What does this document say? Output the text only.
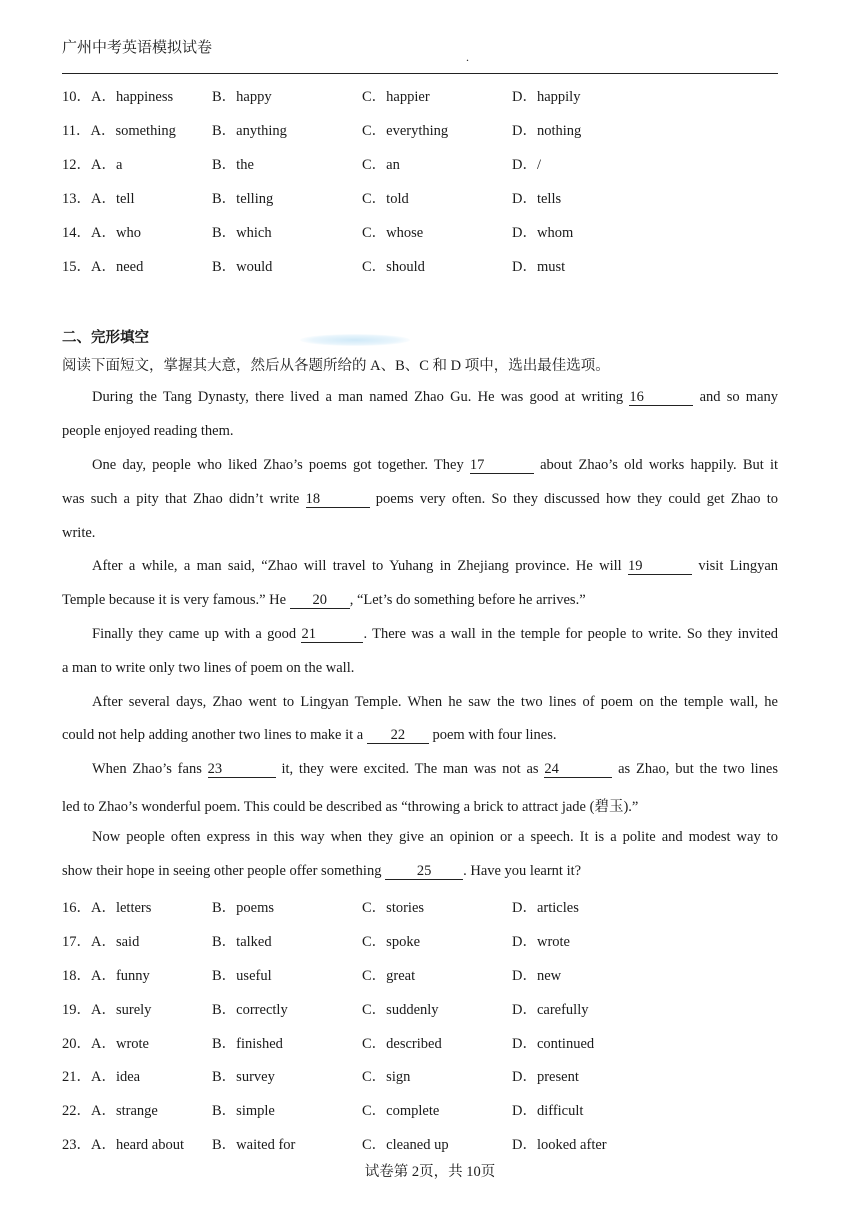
广州中考英语模拟试卷
.
10．A．happiness	B．happy	C．happier	D．happily
11．A．something B．anything	C．everything	D．nothing
12．A．a	B．the	C．an	D．/
13．A．tell	B．telling	C．told	D．tells
14．A．who	B．which	C．whose	D．whom
15．A．need	B．would	C．should	D．must
二、完形填空
阅读下面短文，掌握其大意，然后从各题所给的 A、B、C 和 D 项中，选出最佳选项。
During the Tang Dynasty, there lived a man named Zhao Gu. He was good at writing 16	and so many
people enjoyed reading them.
One day, people who liked Zhao’s poems got together. They 17	about Zhao’s old works happily. But it
was such a pity that Zhao didn’t write 18	poems very often. So they discussed how they could get Zhao to
write.
After a while, a man said, “Zhao will travel to Yuhang in Zhejiang province. He will 19	visit Lingyan
Temple because it is very famous.” He 20 , “Let’s do something before he arrives.”
Finally they came up with a good 21	. There was a wall in the temple for people to write. So they invited
a man to write only two lines of poem on the wall.
After several days, Zhao went to Lingyan Temple. When he saw the two lines of poem on the temple wall, he
could not help adding another two lines to make it a 22 poem with four lines.
When Zhao’s fans 23	it, they were excited. The man was not as 24	as Zhao, but the two lines
led to Zhao’s wonderful poem. This could be described as “throwing a brick to attract jade (碧玉).”
Now people often express in this way when they give an opinion or a speech. It is a polite and modest way to
show their hope in seeing other people offer something 25 . Have you learnt it?
16．A．letters	B．poems	C．stories	D．articles
17．A．said	B．talked	C．spoke	D．wrote
18．A．funny	B．useful	C．great	D．new
19．A．surely	B．correctly	C．suddenly	D．carefully
20．A．wrote	B．finished	C．described	D．continued
21．A．idea	B．survey	C．sign	D．present
22．A．strange	B．simple	C．complete	D．difficult
23．A．heard about B．waited for	C．cleaned up	D．looked after
试卷第 2页，共 10页
